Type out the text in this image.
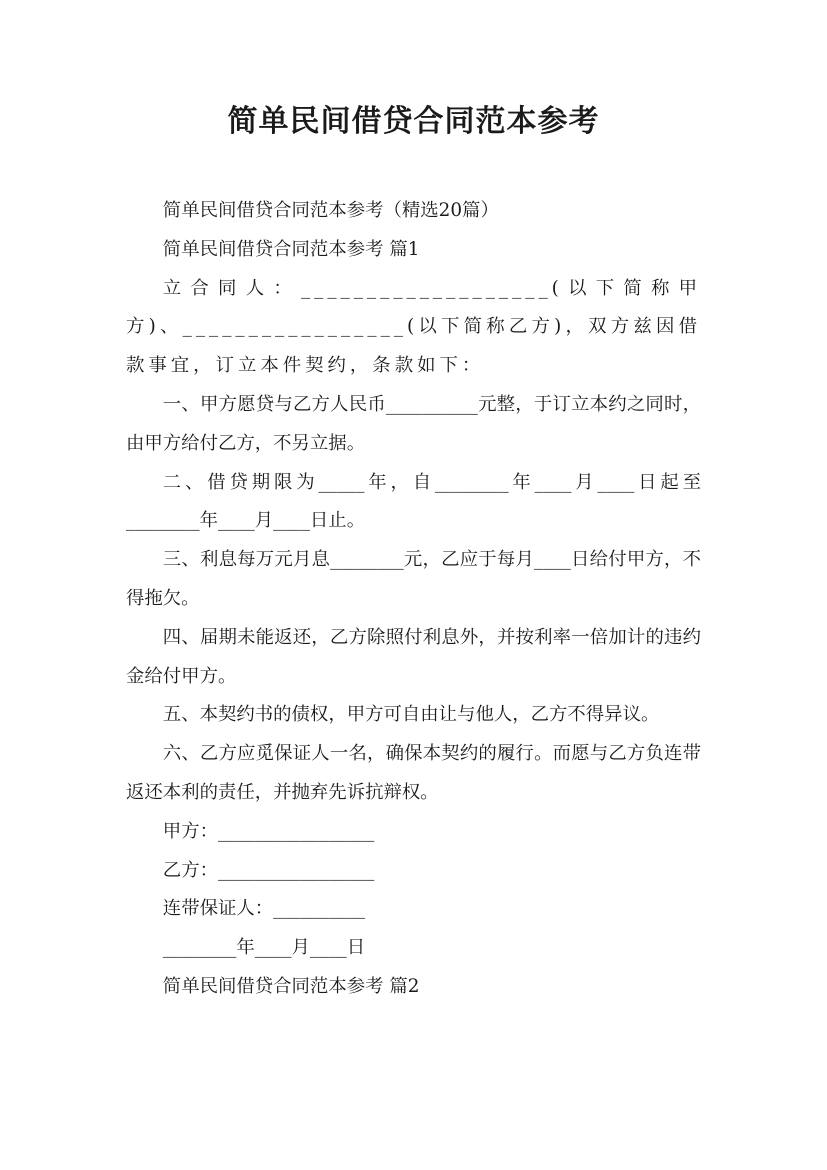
简单民间借贷合同范本参考

简单民间借贷合同范本参考（精选20篇）

简单民间借贷合同范本参考 篇1

立合同人：___________________(以下简称甲方)、_________________(以下简称乙方)，双方兹因借款事宜，订立本件契约，条款如下：

一、甲方愿贷与乙方人民币__________元整，于订立本约之同时，由甲方给付乙方，不另立据。

二、借贷期限为_____年，自________年____月____日起至________年____月____日止。

三、利息每万元月息________元，乙应于每月____日给付甲方，不得拖欠。

四、届期未能返还，乙方除照付利息外，并按利率一倍加计的违约金给付甲方。

五、本契约书的债权，甲方可自由让与他人，乙方不得异议。

六、乙方应觅保证人一名，确保本契约的履行。而愿与乙方负连带返还本利的责任，并抛弃先诉抗辩权。

甲方：_________________

乙方：_________________

连带保证人：__________

________年____月____日

简单民间借贷合同范本参考 篇2
